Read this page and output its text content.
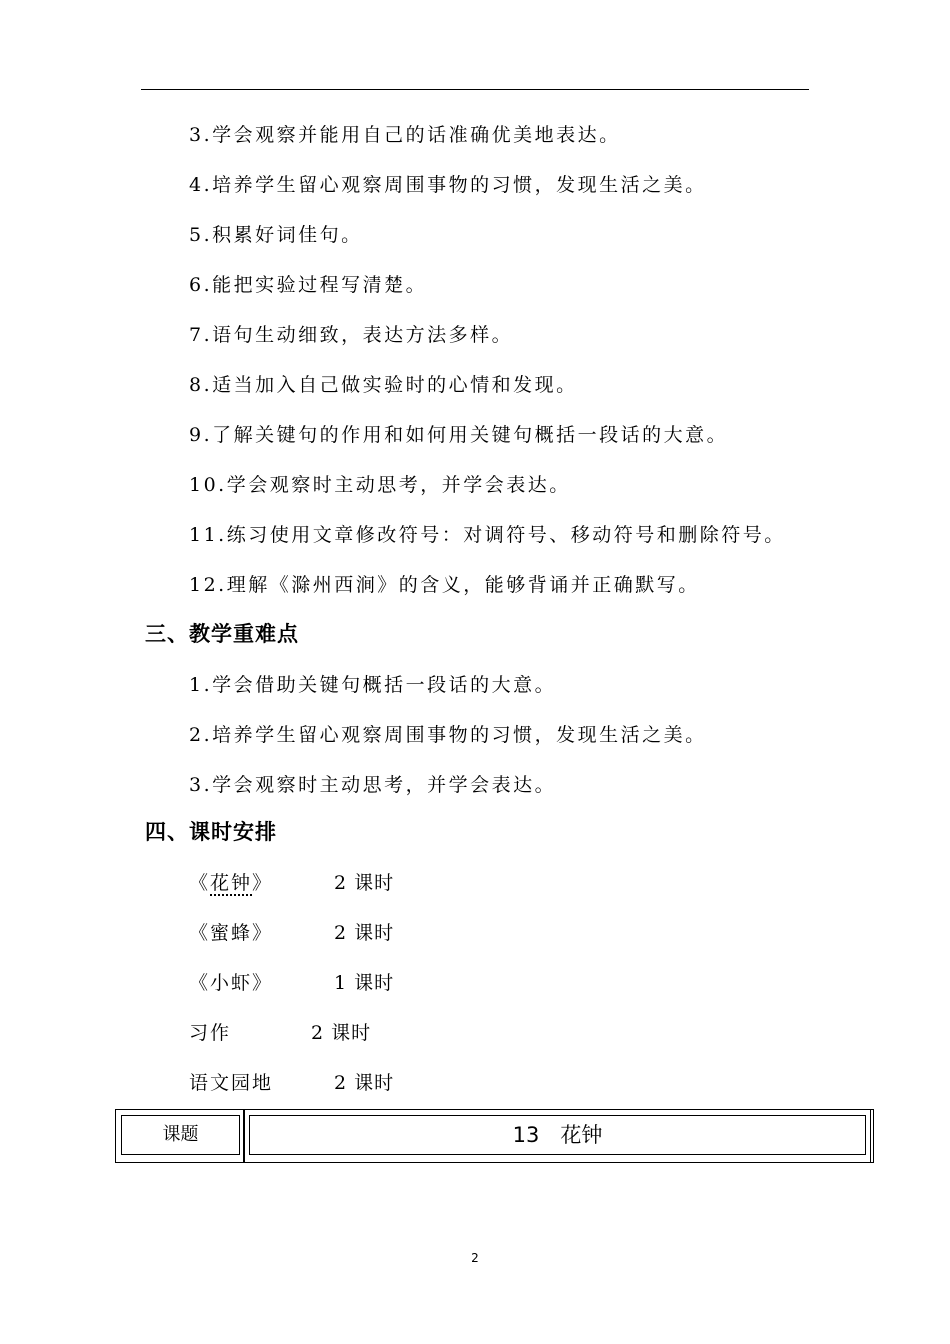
3.学会观察并能用自己的话准确优美地表达。
4.培养学生留心观察周围事物的习惯，发现生活之美。
5.积累好词佳句。
6.能把实验过程写清楚。
7.语句生动细致，表达方法多样。
8.适当加入自己做实验时的心情和发现。
9.了解关键句的作用和如何用关键句概括一段话的大意。
10.学会观察时主动思考，并学会表达。
11.练习使用文章修改符号：对调符号、移动符号和删除符号。
12.理解《滁州西涧》的含义，能够背诵并正确默写。
三、教学重难点
1.学会借助关键句概括一段话的大意。
2.培养学生留心观察周围事物的习惯，发现生活之美。
3.学会观察时主动思考，并学会表达。
四、课时安排
《花钟》	2 课时
《蜜蜂》	2 课时
《小虾》	1 课时
习作	2 课时
语文园地	2 课时
课题	13　花钟
2
